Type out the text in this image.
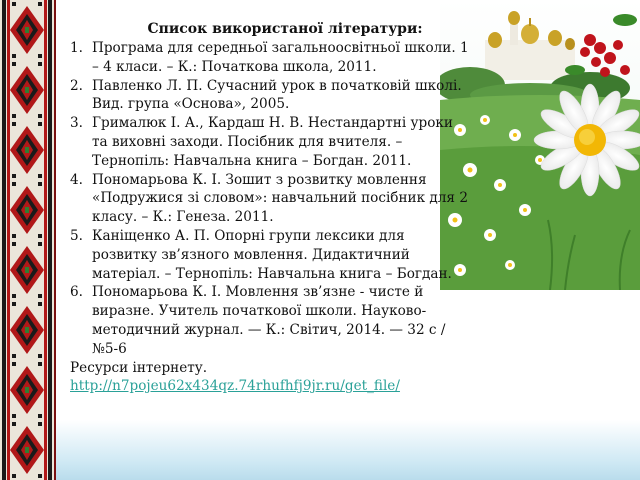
Список використаної літератури:
1. Програма для середньої загальноосвітньої школи. 1 – 4 класи. – К.: Початкова школа, 2011.
2. Павленко Л. П. Сучасний урок в початковій школі. Вид. група «Основа», 2005.
3. Грималюк І. А., Кардаш Н. В. Нестандартні уроки та виховні заходи. Посібник для вчителя. – Тернопіль: Навчальна книга – Богдан. 2011.
4. Пономарьова К. І. Зошит з розвитку мовлення «Подружися зі словом»: навчальний посібник для 2 класу. – К.: Генеза. 2011.
5. Каніщенко А. П. Опорні групи лексики для розвитку зв’язного мовлення. Дидактичний матеріал. – Тернопіль: Навчальна книга – Богдан.
6. Пономарьова К. І. Мовлення зв’язне - чисте й виразне. Учитель початкової школи. Науково-методичний журнал. — К.: Світич, 2014. — 32 с /№5-6
Ресурси інтернету.
http://n7pojeu62x434qz.74rhufhfj9jr.ru/get_file/
